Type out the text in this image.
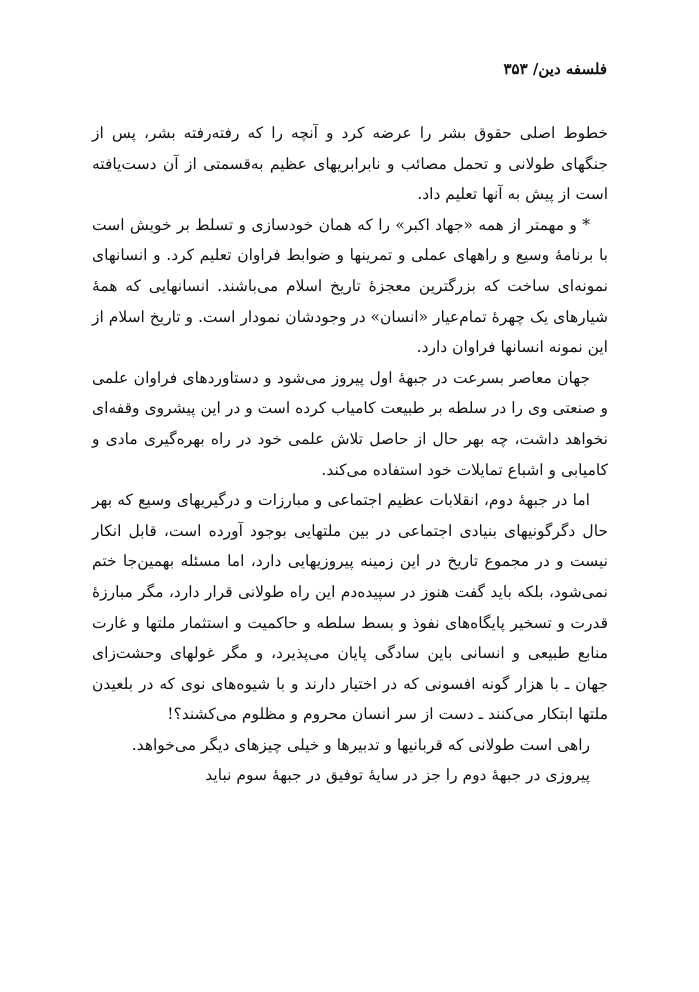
فلسفه دین/ ۳۵۳

خطوط اصلی حقوق بشر را عرضه کرد و آنچه را که رفته‌رفته بشر، پس از جنگهای طولانی و تحمل مصائب و نابرابریهای عظیم به‌قسمتی از آن دست‌یافته است از پیش به آنها تعلیم داد.

* و مهمتر از همه «جهاد اکبر» را که همان خودسازی و تسلط بر خویش است با برنامهٔ وسیع و راههای عملی و تمرینها و ضوابط فراوان تعلیم کرد. و انسانهای نمونه‌ای ساخت که بزرگترین معجزهٔ تاریخ اسلام می‌باشند. انسانهایی که همهٔ شیارهای یک چهرهٔ تمام‌عیار «انسان» در وجودشان نمودار است. و تاریخ اسلام از این نمونه انسانها فراوان دارد.

جهان معاصر بسرعت در جبههٔ اول پیروز می‌شود و دستاوردهای فراوان علمی و صنعتی وی را در سلطه بر طبیعت کامیاب کرده است و در این پیشروی وقفه‌ای نخواهد داشت، چه بهر حال از حاصل تلاش علمی خود در راه بهره‌گیری مادی و کامیابی و اشباع تمایلات خود استفاده می‌کند.

اما در جبههٔ دوم، انقلابات عظیم اجتماعی و مبارزات و درگیریهای وسیع که بهر حال دگرگونیهای بنیادی اجتماعی در بین ملتهایی بوجود آورده است، قابل انکار نیست و در مجموع تاریخ در این زمینه پیروزیهایی دارد، اما مسئله بهمین‌جا ختم نمی‌شود، بلکه باید گفت هنوز در سپیده‌دم این راه طولانی قرار دارد، مگر مبارزهٔ قدرت و تسخیر پایگاه‌های نفوذ و بسط سلطه و حاکمیت و استثمار ملتها و غارت منابع طبیعی و انسانی باین سادگی پایان می‌پذیرد، و مگر غولهای وحشت‌زای جهان ـ با هزار گونه افسونی که در اختیار دارند و با شیوه‌های نوی که در بلعیدن ملتها ابتکار می‌کنند ـ دست از سر انسان محروم و مظلوم می‌کشند؟!

راهی است طولانی که قربانیها و تدبیرها و خیلی چیزهای دیگر می‌خواهد.

پیروزی در جبههٔ دوم را جز در سایهٔ توفیق در جبههٔ سوم نباید
